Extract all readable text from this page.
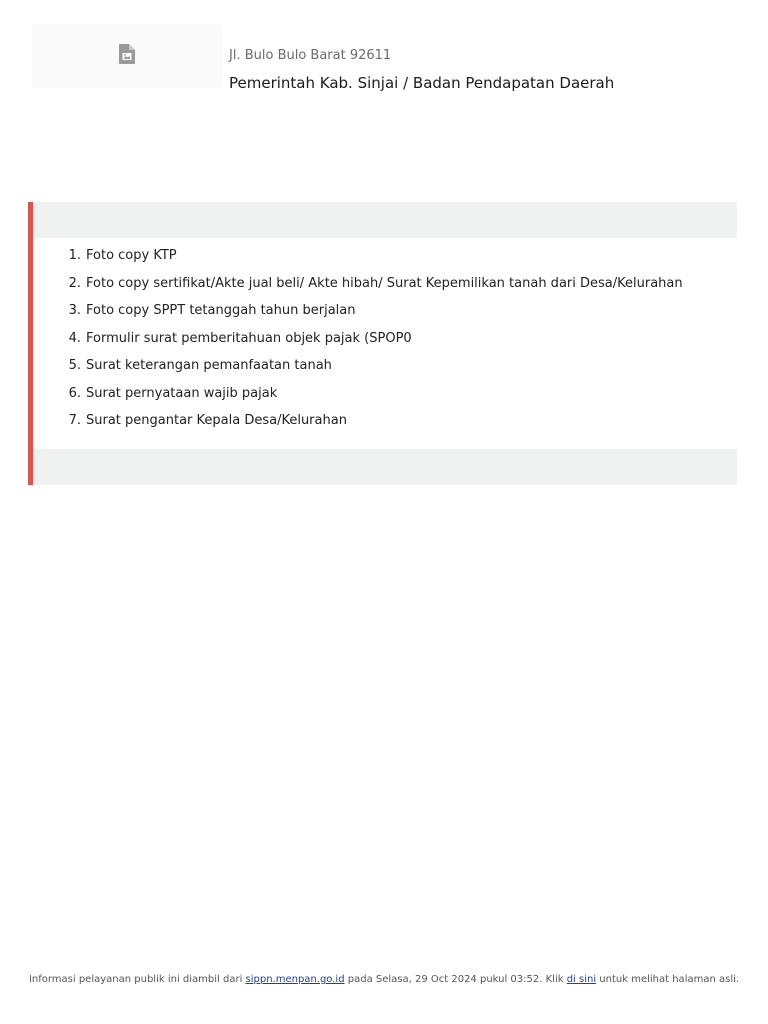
Jl. Bulo Bulo Barat 92611
Pemerintah Kab. Sinjai / Badan Pendapatan Daerah
1. Foto copy KTP
2. Foto copy sertifikat/Akte jual beli/ Akte hibah/ Surat Kepemilikan tanah dari Desa/Kelurahan
3. Foto copy SPPT tetanggah tahun berjalan
4. Formulir surat pemberitahuan objek pajak (SPOP0
5. Surat keterangan pemanfaatan tanah
6. Surat pernyataan wajib pajak
7. Surat pengantar Kepala Desa/Kelurahan
Informasi pelayanan publik ini diambil dari sippn.menpan.go.id pada Selasa, 29 Oct 2024 pukul 03:52. Klik di sini untuk melihat halaman asli.
